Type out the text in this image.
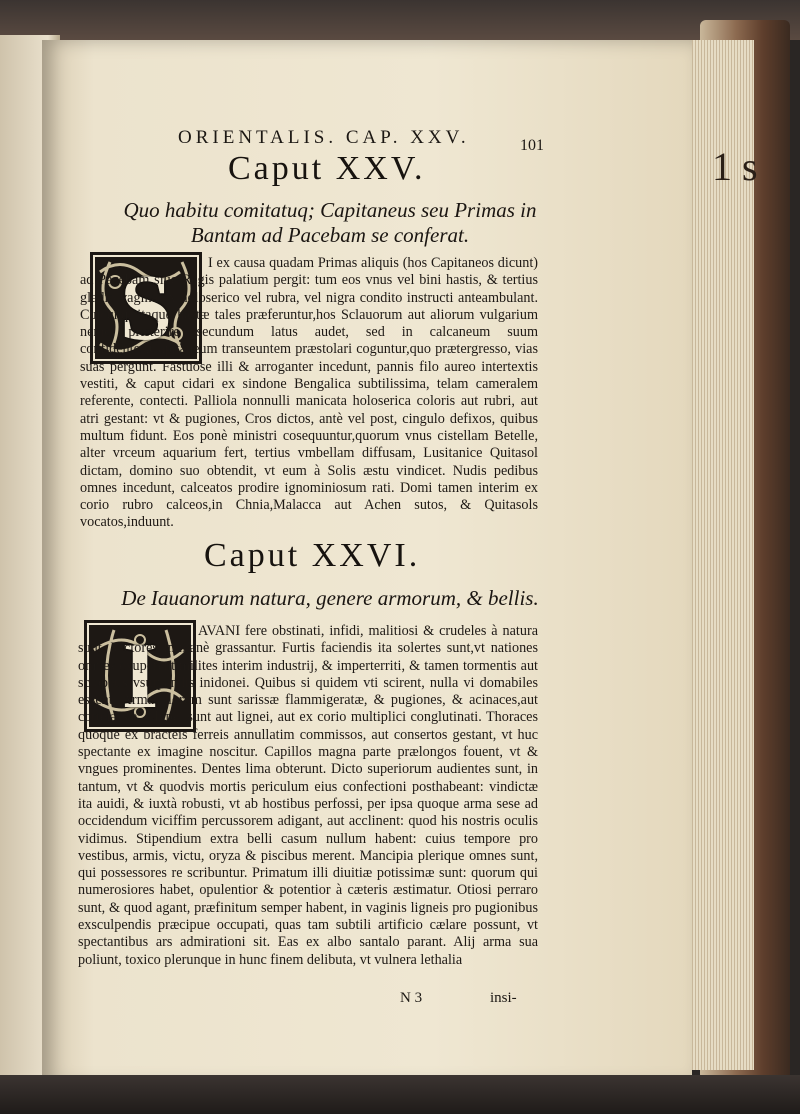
1 s
ORIENTALIS. CAP. XXV.	101
Caput XXV.
Quo habitu comitatuq; Capitaneus seu Primas in Bantam ad Pacebam se conferat.
S	I ex causa quadam Primas aliquis (hos Capitaneos dicunt) ad Pacebam siue Regis palatium pergit: tum eos vnus vel bini hastis, & tertius gladio vagina ex holoserico vel rubra, vel nigra condito instructi anteambulant. Cuicunq; itaque hastæ tales præferuntur,hos Sclauorum aut aliorum vulgarium nemo præterire secundum latus audet, sed in calcaneum suum confidentes,Capitaneum transeuntem præstolari coguntur,quo prætergresso, vias suas pergunt. Fastuose illi & arroganter incedunt, pannis filo aureo intertextis vestiti, & caput cidari ex sindone Bengalica subtilissima, telam cameralem referente, contecti. Palliola nonnulli manicata holoserica coloris aut rubri, aut atri gestant: vt & pugiones, Cros dictos, antè vel post, cingulo defixos, quibus multum fidunt. Eos ponè ministri cosequuntur,quorum vnus cistellam Betelle, alter vrceum aquarium fert, tertius vmbellam diffusam, Lusitanice Quitasol dictam, domino suo obtendit, vt eum à Solis æstu vindicet. Nudis pedibus omnes incedunt, calceatos prodire ignominiosum rati. Domi tamen interim ex corio rubro calceos,in Chnia,Malacca aut Achen sutos, & Quitasols vocatos,induunt.

Caput XXVI.
De Iauanorum natura, genere armorum, & bellis.
I	AVANI fere obstinati, infidi, malitiosi & crudeles à natura sunt. Victores immanè grassantur. Furtis faciendis ita solertes sunt,vt nationes omnes exuperent:milites interim industrij, & imperterriti, & tamen tormentis aut sclopetis vsurpandis inidonei. Quibus si quidem vti scirent, nulla vi domabiles essent. Arma illorum sunt sarissæ flammigeratæ, & pugiones, & acinaces,aut cortelassæ. Clypei sunt aut lignei, aut ex corio multiplici conglutinati. Thoraces quoque ex bracteis ferreis annullatim commissos, aut consertos gestant, vt huc spectante ex imagine noscitur. Capillos magna parte prælongos fouent, vt & vngues prominentes. Dentes lima obterunt. Dicto superiorum audientes sunt, in tantum, vt & quodvis mortis periculum eius confectioni posthabeant: vindictæ ita auidi, & iuxtà robusti, vt ab hostibus perfossi, per ipsa quoque arma sese ad occidendum viciffim percussorem adigant, aut acclinent: quod his nostris oculis vidimus. Stipendium extra belli casum nullum habent: cuius tempore pro vestibus, armis, victu, oryza & piscibus merent. Mancipia plerique omnes sunt, qui possessores re scribuntur. Primatum illi diuitiæ potissimæ sunt: quorum qui numerosiores habet, opulentior & potentior à cæteris æstimatur. Otiosi perraro sunt, & quod agant, præfinitum semper habent, in vaginis ligneis pro pugionibus exsculpendis præcipue occupati, quas tam subtili artificio cælare possunt, vt spectantibus ars admirationi sit. Eas ex albo santalo parant. Alij arma sua poliunt, toxico plerunque in hunc finem delibuta, vt vulnera lethalia

N 3	insi-
